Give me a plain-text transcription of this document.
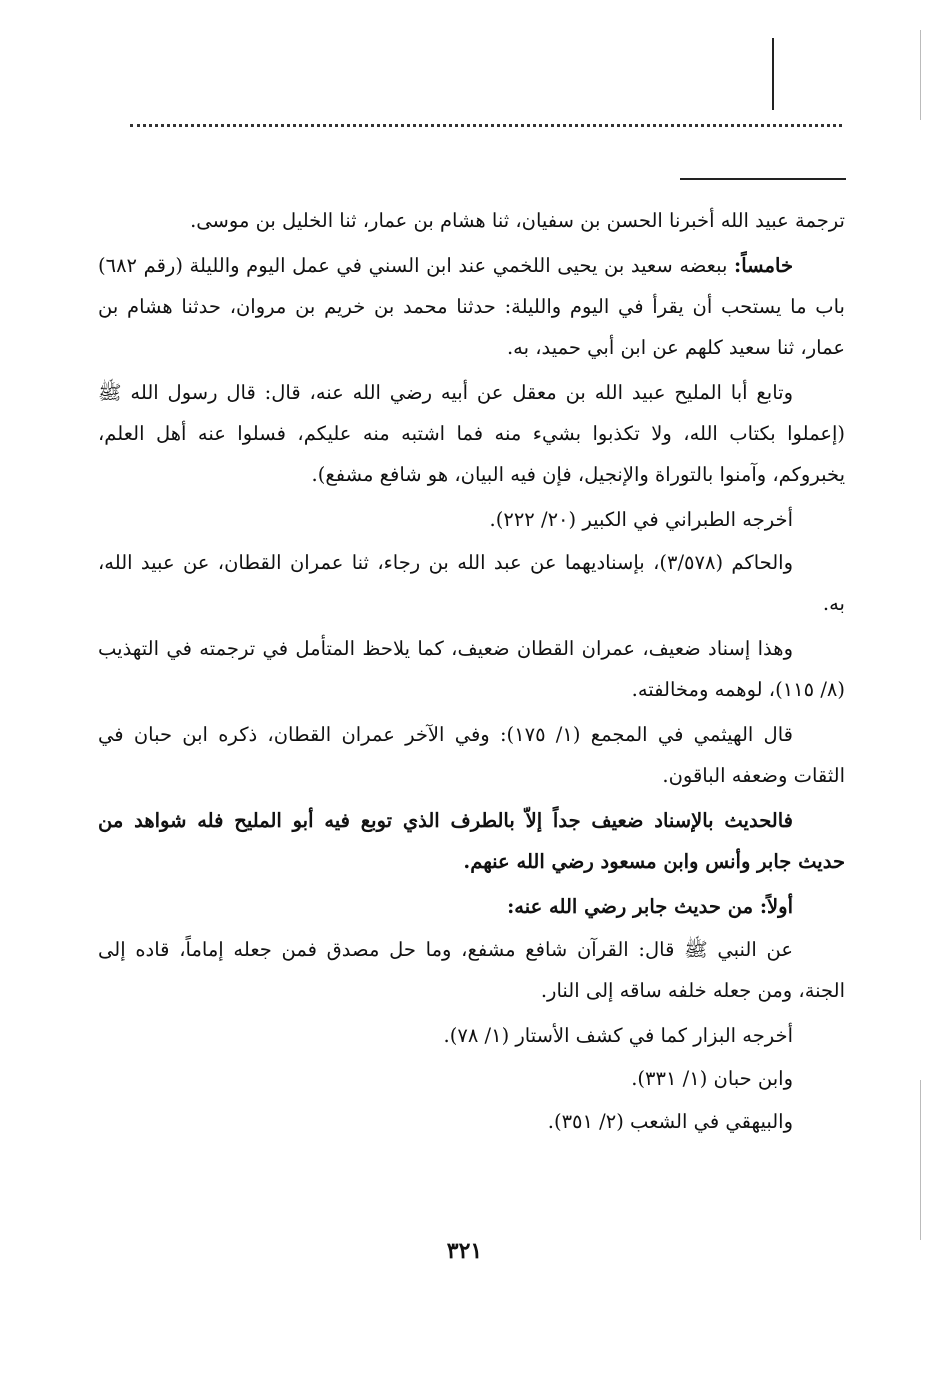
ترجمة عبيد الله أخبرنا الحسن بن سفيان، ثنا هشام بن عمار، ثنا الخليل بن موسى.

خامساً: ببعضه سعيد بن يحيى اللخمي عند ابن السني في عمل اليوم والليلة (رقم ٦٨٢) باب ما يستحب أن يقرأ في اليوم والليلة: حدثنا محمد بن خريم بن مروان، حدثنا هشام بن عمار، ثنا سعيد كلهم عن ابن أبي حميد، به.

وتابع أبا المليح عبيد الله بن معقل عن أبيه رضي الله عنه، قال: قال رسول الله ﷺ (إعملوا بكتاب الله، ولا تكذبوا بشيء منه فما اشتبه منه عليكم، فسلوا عنه أهل العلم، يخبروكم، وآمنوا بالتوراة والإنجيل، فإن فيه البيان، هو شافع مشفع).

أخرجه الطبراني في الكبير (٢٠/ ٢٢٢).

والحاكم (٣/٥٧٨)، بإسناديهما عن عبد الله بن رجاء، ثنا عمران القطان، عن عبيد الله، به.

وهذا إسناد ضعيف، عمران القطان ضعيف، كما يلاحظ المتأمل في ترجمته في التهذيب (٨/ ١١٥)، لوهمه ومخالفته.

قال الهيثمي في المجمع (١/ ١٧٥): وفي الآخر عمران القطان، ذكره ابن حبان في الثقات وضعفه الباقون.

فالحديث بالإسناد ضعيف جداً إلاّ بالطرف الذي توبع فيه أبو المليح فله شواهد من حديث جابر وأنس وابن مسعود رضي الله عنهم.

أولاً: من حديث جابر رضي الله عنه:

عن النبي ﷺ قال: القرآن شافع مشفع، وما حل مصدق فمن جعله إماماً، قاده إلى الجنة، ومن جعله خلفه ساقه إلى النار.

أخرجه البزار كما في كشف الأستار (١/ ٧٨).

وابن حبان (١/ ٣٣١).

والبيهقي في الشعب (٢/ ٣٥١).

٣٢١
